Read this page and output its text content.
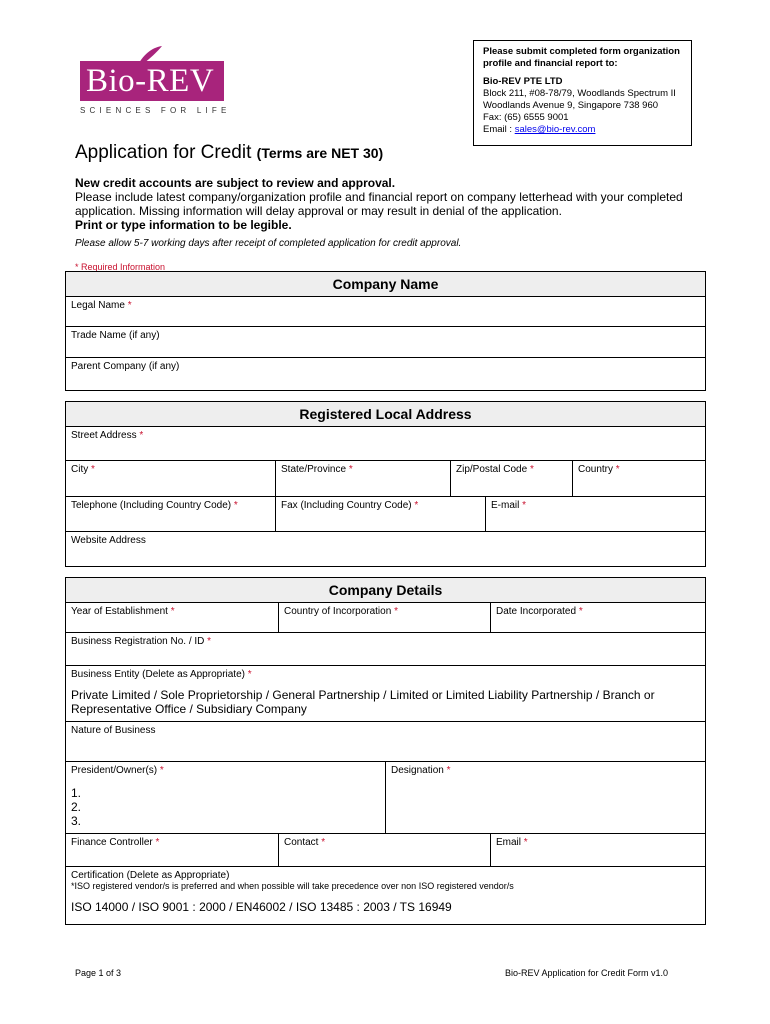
Bio-REV
SCIENCES FOR LIFE
Please submit completed form organization profile and financial report to:
Bio-REV PTE LTD
Block 211, #08-78/79, Woodlands Spectrum II
Woodlands Avenue 9, Singapore 738 960
Fax: (65) 6555 9001
Email : sales@bio-rev.com
Application for Credit (Terms are NET 30)
New credit accounts are subject to review and approval.
Please include latest company/organization profile and financial report on company letterhead with your completed application. Missing information will delay approval or may result in denial of the application.
Print or type information to be legible.
Please allow 5-7 working days after receipt of completed application for credit approval.
* Required Information
Company Name
Legal Name *
Trade Name (if any)
Parent Company (if any)
Registered Local Address
Street Address *
City *	State/Province *	Zip/Postal Code *	Country *
Telephone (Including Country Code) *	Fax (Including Country Code) *	E-mail *
Website Address
Company Details
Year of Establishment *	Country of Incorporation *	Date Incorporated *
Business Registration No. / ID *
Business Entity (Delete as Appropriate) *
Private Limited / Sole Proprietorship / General Partnership / Limited or Limited Liability Partnership / Branch or Representative Office / Subsidiary Company
Nature of Business
President/Owner(s) *
1.
2.
3.
Designation *
Finance Controller *	Contact *	Email *
Certification (Delete as Appropriate)
*ISO registered vendor/s is preferred and when possible will take precedence over non ISO registered vendor/s
ISO 14000 / ISO 9001 : 2000 / EN46002 / ISO 13485 : 2003 / TS 16949
Page 1 of 3	Bio-REV Application for Credit Form v1.0
